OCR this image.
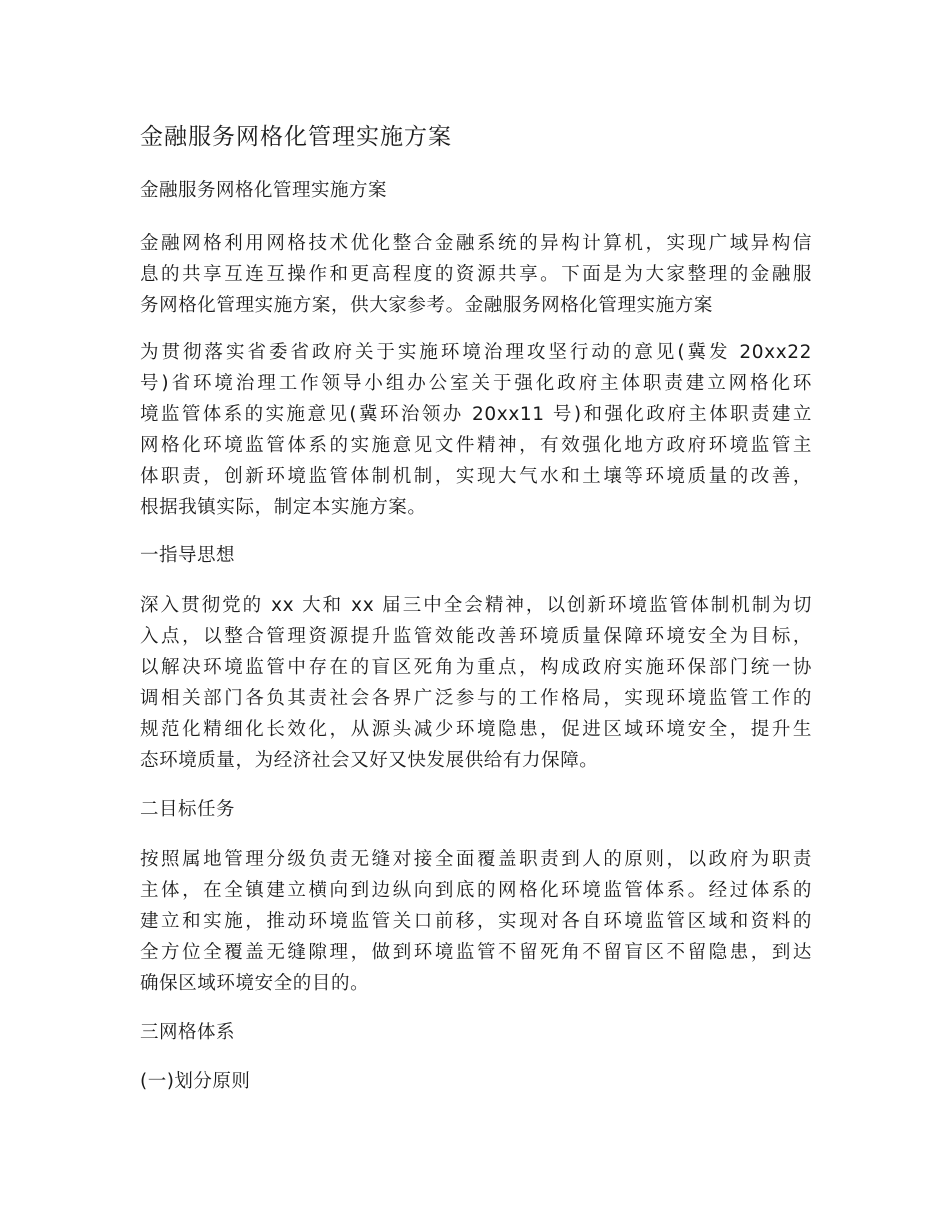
金融服务网格化管理实施方案

金融服务网格化管理实施方案

金融网格利用网格技术优化整合金融系统的异构计算机，实现广域异构信
息的共享互连互操作和更高程度的资源共享。下面是为大家整理的金融服
务网格化管理实施方案，供大家参考。金融服务网格化管理实施方案

为贯彻落实省委省政府关于实施环境治理攻坚行动的意见(冀发 20xx22
号)省环境治理工作领导小组办公室关于强化政府主体职责建立网格化环
境监管体系的实施意见(冀环治领办 20xx11 号)和强化政府主体职责建立
网格化环境监管体系的实施意见文件精神，有效强化地方政府环境监管主
体职责，创新环境监管体制机制，实现大气水和土壤等环境质量的改善，
根据我镇实际，制定本实施方案。

一指导思想

深入贯彻党的 xx 大和 xx 届三中全会精神，以创新环境监管体制机制为切
入点，以整合管理资源提升监管效能改善环境质量保障环境安全为目标，
以解决环境监管中存在的盲区死角为重点，构成政府实施环保部门统一协
调相关部门各负其责社会各界广泛参与的工作格局，实现环境监管工作的
规范化精细化长效化，从源头减少环境隐患，促进区域环境安全，提升生
态环境质量，为经济社会又好又快发展供给有力保障。

二目标任务

按照属地管理分级负责无缝对接全面覆盖职责到人的原则，以政府为职责
主体，在全镇建立横向到边纵向到底的网格化环境监管体系。经过体系的
建立和实施，推动环境监管关口前移，实现对各自环境监管区域和资料的
全方位全覆盖无缝隙理，做到环境监管不留死角不留盲区不留隐患，到达
确保区域环境安全的目的。

三网格体系

(一)划分原则
